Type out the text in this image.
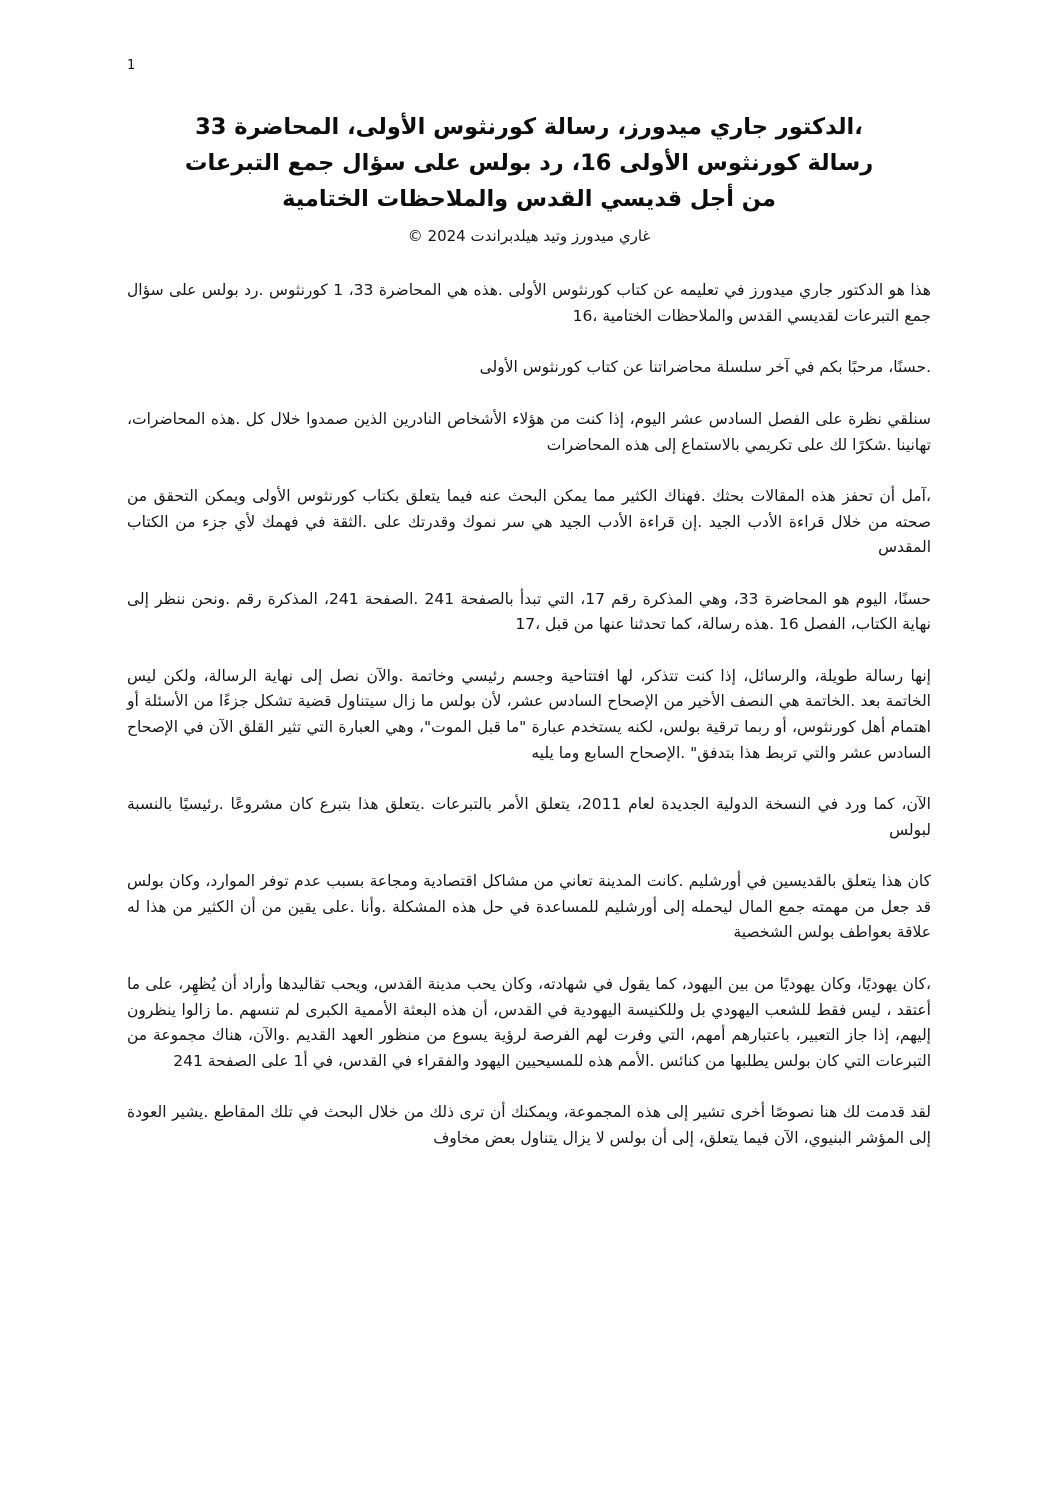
1
،الدكتور جاري ميدورز، رسالة كورنثوس الأولى، المحاضرة 33
رسالة كورنثوس الأولى 16، رد بولس على سؤال جمع التبرعات
من أجل قديسي القدس والملاحظات الختامية
غاري ميدورز وتيد هيلدبراندت 2024 ©

هذا هو الدكتور جاري ميدورز في تعليمه عن كتاب كورنثوس الأولى .هذه هي المحاضرة 33، 1 كورنثوس .رد بولس على سؤال جمع التبرعات لقديسي القدس والملاحظات الختامية ،16

.حسنًا، مرحبًا بكم في آخر سلسلة محاضراتنا عن كتاب كورنثوس الأولى

سنلقي نظرة على الفصل السادس عشر اليوم، إذا كنت من هؤلاء الأشخاص النادرين الذين صمدوا خلال كل .هذه المحاضرات، تهانينا .شكرًا لك على تكريمي بالاستماع إلى هذه المحاضرات

،آمل أن تحفز هذه المقالات بحثك .فهناك الكثير مما يمكن البحث عنه فيما يتعلق بكتاب كورنثوس الأولى ويمكن التحقق من صحته من خلال قراءة الأدب الجيد .إن قراءة الأدب الجيد هي سر نموك وقدرتك على .الثقة في فهمك لأي جزء من الكتاب المقدس

حسنًا، اليوم هو المحاضرة 33، وهي المذكرة رقم 17، التي تبدأ بالصفحة 241 .الصفحة 241، المذكرة رقم .ونحن ننظر إلى نهاية الكتاب، الفصل 16 .هذه رسالة، كما تحدثنا عنها من قبل ،17

إنها رسالة طويلة، والرسائل، إذا كنت تتذكر، لها افتتاحية وجسم رئيسي وخاتمة .والآن نصل إلى نهاية الرسالة، ولكن ليس الخاتمة بعد .الخاتمة هي النصف الأخير من الإصحاح السادس عشر، لأن بولس ما زال سيتناول قضية تشكل جزءًا من الأسئلة أو اهتمام أهل كورنثوس، أو ربما ترقية بولس، لكنه يستخدم عبارة "ما قبل الموت"، وهي العبارة التي تثير القلق الآن في الإصحاح السادس عشر والتي تربط هذا بتدفق" .الإصحاح السابع وما يليه

الآن، كما ورد في النسخة الدولية الجديدة لعام 2011، يتعلق الأمر بالتبرعات .يتعلق هذا بتبرع كان مشروعًا .رئيسيًا بالنسبة لبولس

كان هذا يتعلق بالقديسين في أورشليم .كانت المدينة تعاني من مشاكل اقتصادية ومجاعة بسبب عدم توفر الموارد، وكان بولس قد جعل من مهمته جمع المال ليحمله إلى أورشليم للمساعدة في حل هذه المشكلة .وأنا .على يقين من أن الكثير من هذا له علاقة بعواطف بولس الشخصية

،كان يهوديًا، وكان يهوديًا من بين اليهود، كما يقول في شهادته، وكان يحب مدينة القدس، ويحب تقاليدها وأراد أن يُظهِر، على ما أعتقد ، ليس فقط للشعب اليهودي بل وللكنيسة اليهودية في القدس، أن هذه البعثة الأممية الكبرى لم تنسهم .ما زالوا ينظرون إليهم، إذا جاز التعبير، باعتبارهم أمهم، التي وفرت لهم الفرصة لرؤية يسوع من منظور العهد القديم .والآن، هناك مجموعة من التبرعات التي كان بولس يطلبها من كنائس .الأمم هذه للمسيحيين اليهود والفقراء في القدس، في أ1 على الصفحة 241

لقد قدمت لك هنا نصوصًا أخرى تشير إلى هذه المجموعة، ويمكنك أن ترى ذلك من خلال البحث في تلك المقاطع .يشير العودة إلى المؤشر البنيوي، الآن فيما يتعلق، إلى أن بولس لا يزال يتناول بعض مخاوف
